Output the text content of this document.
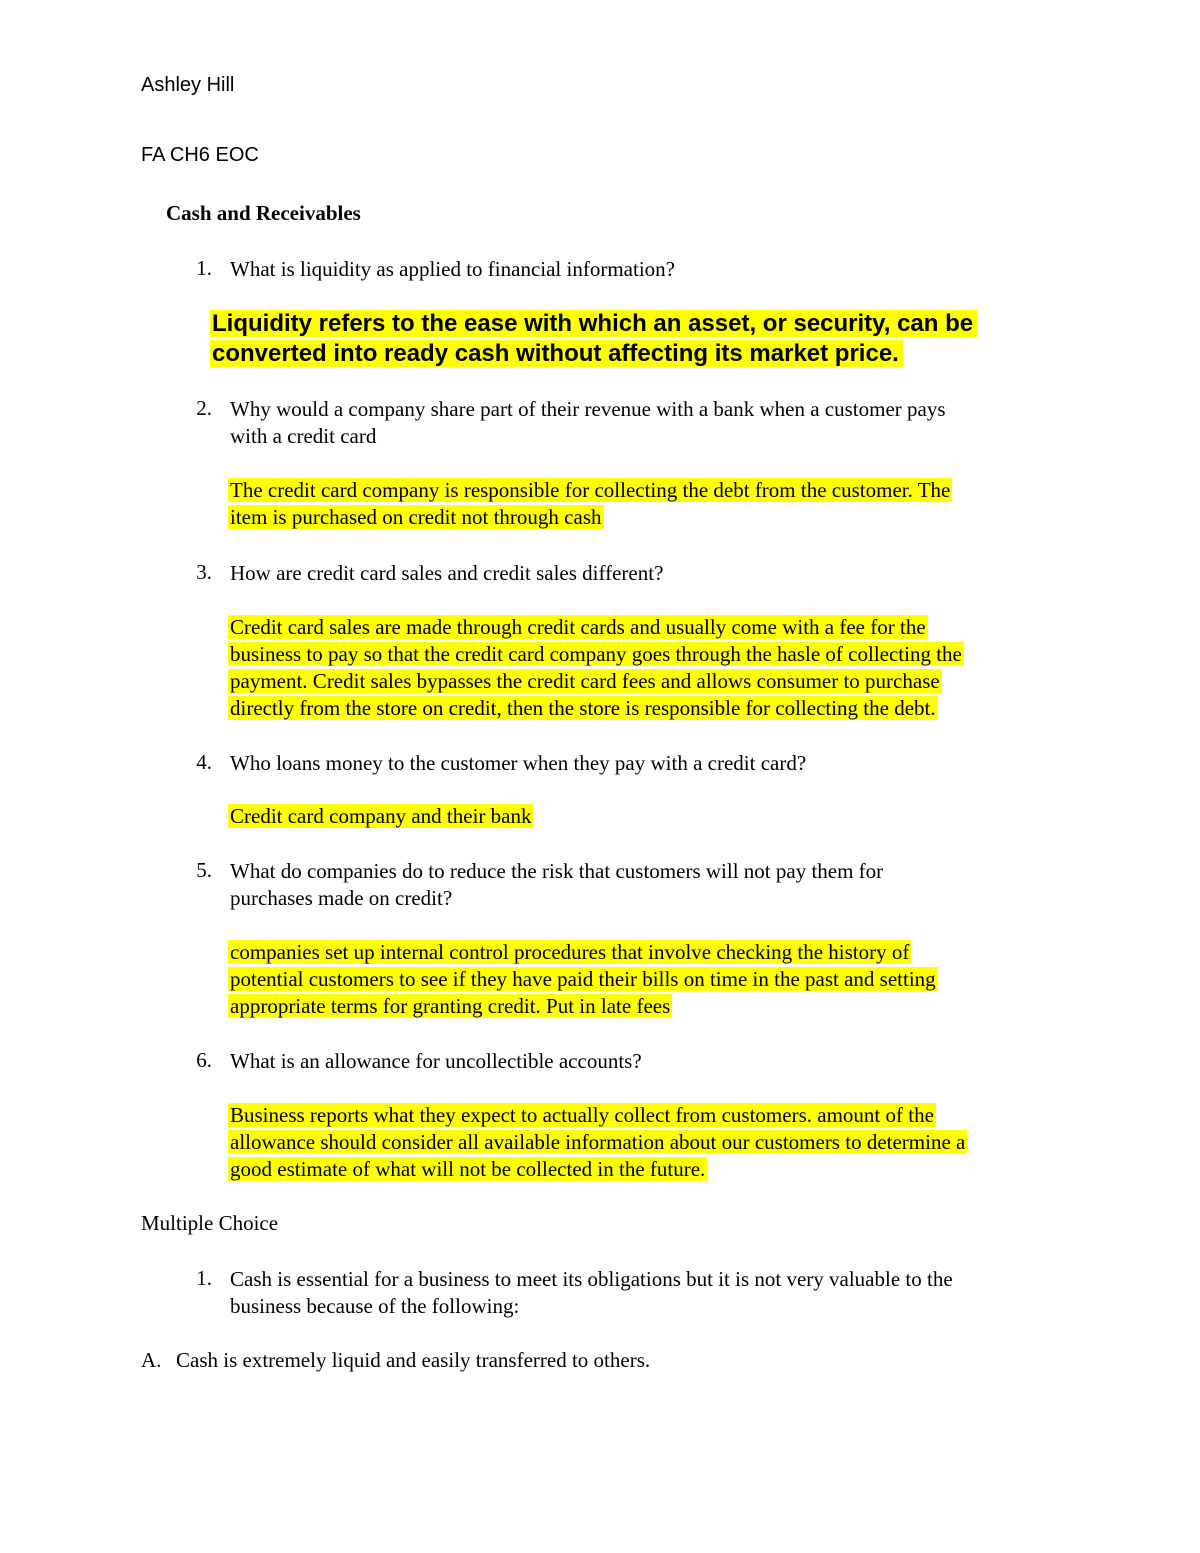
Ashley Hill

FA CH6 EOC

Cash and Receivables

1. What is liquidity as applied to financial information?
Liquidity refers to the ease with which an asset, or security, can be
converted into ready cash without affecting its market price.
2. Why would a company share part of their revenue with a bank when a customer pays
with a credit card
The credit card company is responsible for collecting the debt from the customer. The
item is purchased on credit not through cash
3. How are credit card sales and credit sales different?
Credit card sales are made through credit cards and usually come with a fee for the
business to pay so that the credit card company goes through the hasle of collecting the
payment. Credit sales bypasses the credit card fees and allows consumer to purchase
directly from the store on credit, then the store is responsible for collecting the debt.
4. Who loans money to the customer when they pay with a credit card?
Credit card company and their bank
5. What do companies do to reduce the risk that customers will not pay them for
purchases made on credit?
companies set up internal control procedures that involve checking the history of
potential customers to see if they have paid their bills on time in the past and setting
appropriate terms for granting credit. Put in late fees
6. What is an allowance for uncollectible accounts?
Business reports what they expect to actually collect from customers. amount of the
allowance should consider all available information about our customers to determine a
good estimate of what will not be collected in the future.

Multiple Choice

1. Cash is essential for a business to meet its obligations but it is not very valuable to the
business because of the following:
A. Cash is extremely liquid and easily transferred to others.
